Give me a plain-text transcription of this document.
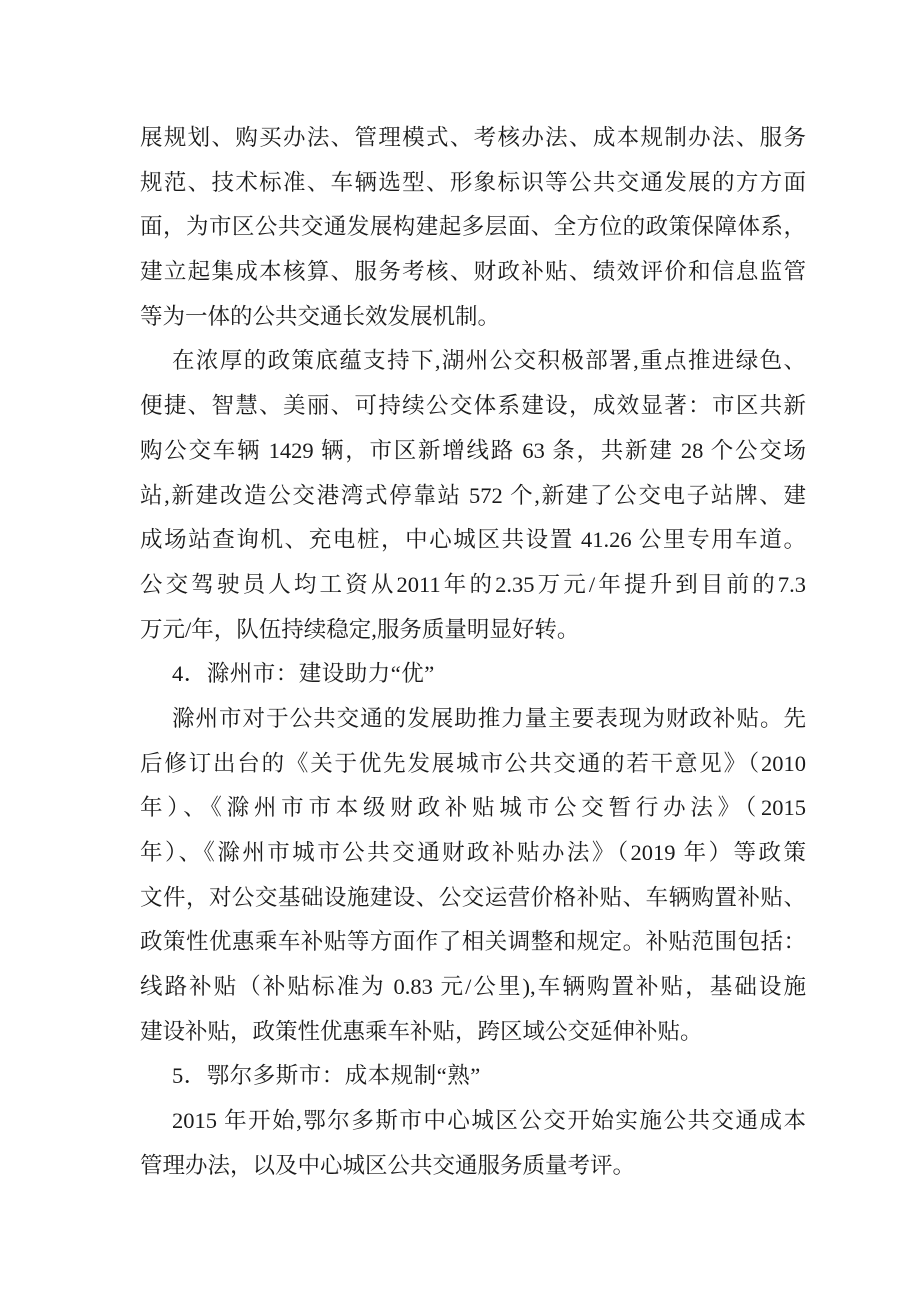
展规划、购买办法、管理模式、考核办法、成本规制办法、服务
规范、技术标准、车辆选型、形象标识等公共交通发展的方方面
面，为市区公共交通发展构建起多层面、全方位的政策保障体系，
建立起集成本核算、服务考核、财政补贴、绩效评价和信息监管
等为一体的公共交通长效发展机制。
在浓厚的政策底蕴支持下,湖州公交积极部署,重点推进绿色、
便捷、智慧、美丽、可持续公交体系建设，成效显著：市区共新
购公交车辆 1429 辆，市区新增线路 63 条，共新建 28 个公交场
站,新建改造公交港湾式停靠站 572 个,新建了公交电子站牌、建
成场站查询机、充电桩，中心城区共设置 41.26 公里专用车道。
公交驾驶员人均工资从2011年的2.35万元/年提升到目前的7.3
万元/年，队伍持续稳定,服务质量明显好转。
4．滁州市：建设助力“优”
滁州市对于公共交通的发展助推力量主要表现为财政补贴。先
后修订出台的《关于优先发展城市公共交通的若干意见》（2010
年）、《滁州市市本级财政补贴城市公交暂行办法》（2015
年）、《滁州市城市公共交通财政补贴办法》（2019 年）等政策
文件，对公交基础设施建设、公交运营价格补贴、车辆购置补贴、
政策性优惠乘车补贴等方面作了相关调整和规定。补贴范围包括：
线路补贴（补贴标准为 0.83 元/公里),车辆购置补贴，基础设施
建设补贴，政策性优惠乘车补贴，跨区域公交延伸补贴。
5．鄂尔多斯市：成本规制“熟”
2015 年开始,鄂尔多斯市中心城区公交开始实施公共交通成本
管理办法，以及中心城区公共交通服务质量考评。
